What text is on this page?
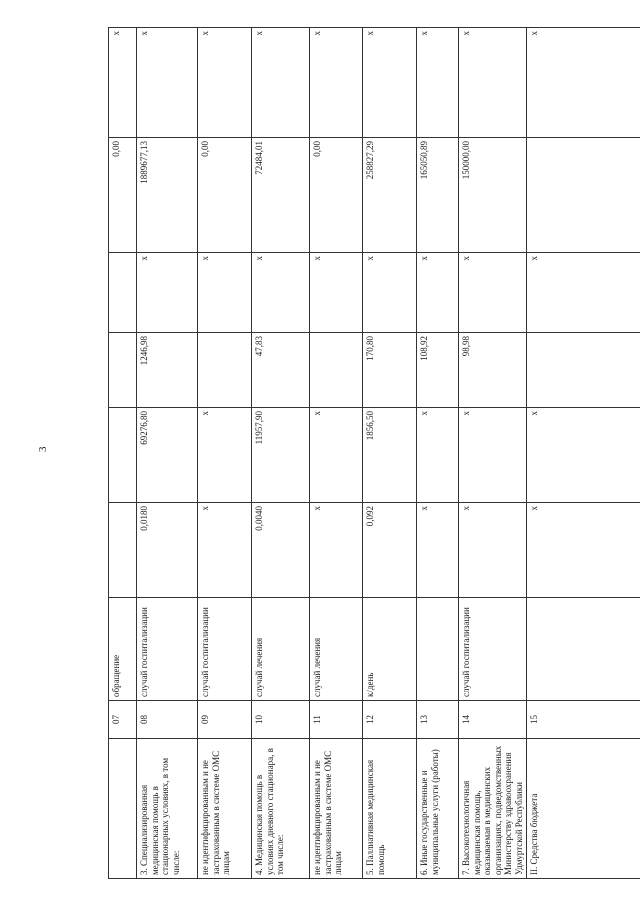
3
	07	обращение					0,00	x
3. Специализированная медицинская помощь в стационарных условиях, в том числе:	08	случай госпитализации	0,0180	69276,80	1246,98	x	1889677,13	x
не идентифицированным и не застрахованным в системе ОМС лицам	09	случай госпитализации	x	x		x	0,00	x
4. Медицинская помощь в условиях дневного стационара, в том числе:	10	случай лечения	0,0040	11957,90	47,83	x	72484,01	x
не идентифицированным и не застрахованным в системе ОМС лицам	11	случай лечения	x	x		x	0,00	x
5. Паллиативная медицинская помощь	12	к/день	0,092	1856,50	170,80	x	258827,29	x
6. Иные государственные и муниципальные услуги (работы)	13		x	x	108,92	x	165050,89	x
7. Высокотехнологичная медицинская помощь, оказываемая в медицинских организациях, подведомственных Министерству здравоохранения Удмуртской Республики	14	случай госпитализации	x	x	98,98	x	150000,00	x
II. Средства бюджета	15		x	x		x		x
